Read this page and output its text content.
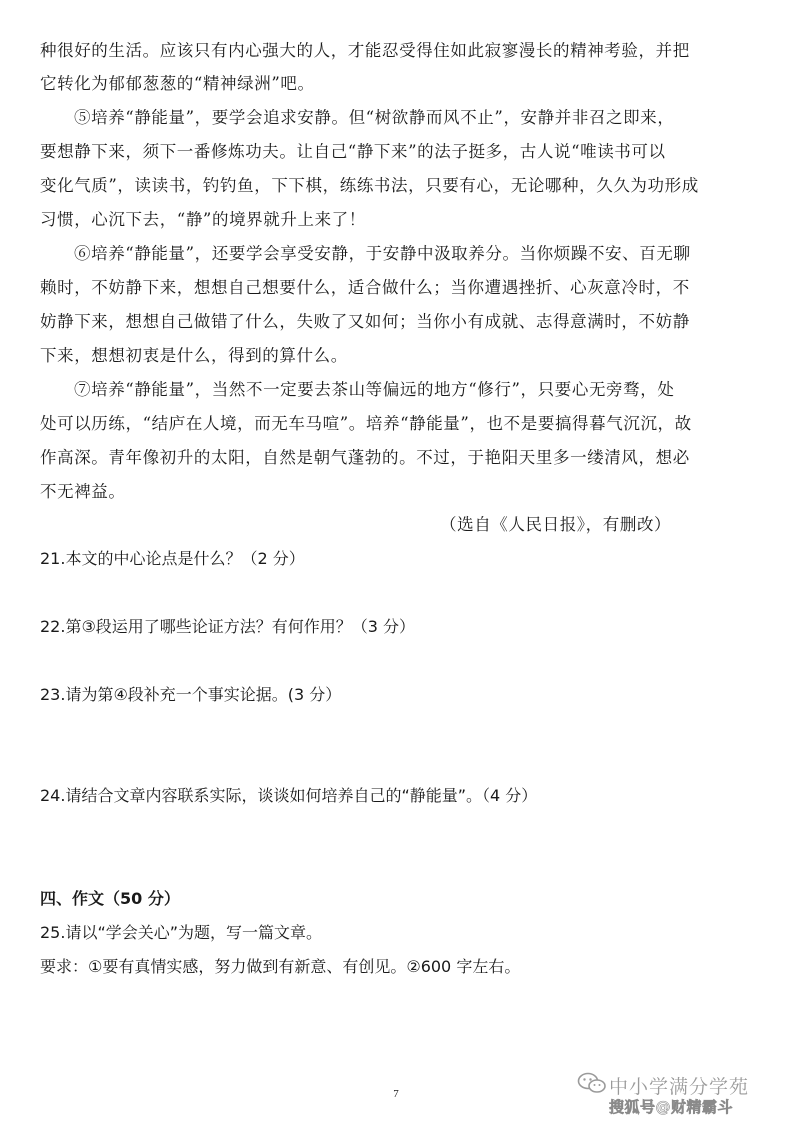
种很好的生活。应该只有内心强大的人，才能忍受得住如此寂寥漫长的精神考验，并把
它转化为郁郁葱葱的“精神绿洲”吧。
⑤培养“静能量”，要学会追求安静。但“树欲静而风不止”，安静并非召之即来，
要想静下来，须下一番修炼功夫。让自己“静下来”的法子挺多，古人说“唯读书可以
变化气质”，读读书，钓钓鱼，下下棋，练练书法，只要有心，无论哪种，久久为功形成
习惯，心沉下去，“静”的境界就升上来了！
⑥培养“静能量”，还要学会享受安静，于安静中汲取养分。当你烦躁不安、百无聊
赖时，不妨静下来，想想自己想要什么，适合做什么；当你遭遇挫折、心灰意冷时，不
妨静下来，想想自己做错了什么，失败了又如何；当你小有成就、志得意满时，不妨静
下来，想想初衷是什么，得到的算什么。
⑦培养“静能量”，当然不一定要去茶山等偏远的地方“修行”，只要心无旁骛，处
处可以历练，“结庐在人境，而无车马喧”。培养“静能量”，也不是要搞得暮气沉沉，故
作高深。青年像初升的太阳，自然是朝气蓬勃的。不过，于艳阳天里多一缕清风，想必
不无裨益。
（选自《人民日报》，有删改）
21.本文的中心论点是什么？（2 分）
22.第③段运用了哪些论证方法？有何作用？（3 分）
23.请为第④段补充一个事实论据。(3 分）
24.请结合文章内容联系实际，谈谈如何培养自己的“静能量”。（4 分）
四、作文（50 分）
25.请以“学会关心”为题，写一篇文章。
要求：①要有真情实感，努力做到有新意、有创见。②600 字左右。
7	中小学满分学苑
搜狐号@财精霸斗
